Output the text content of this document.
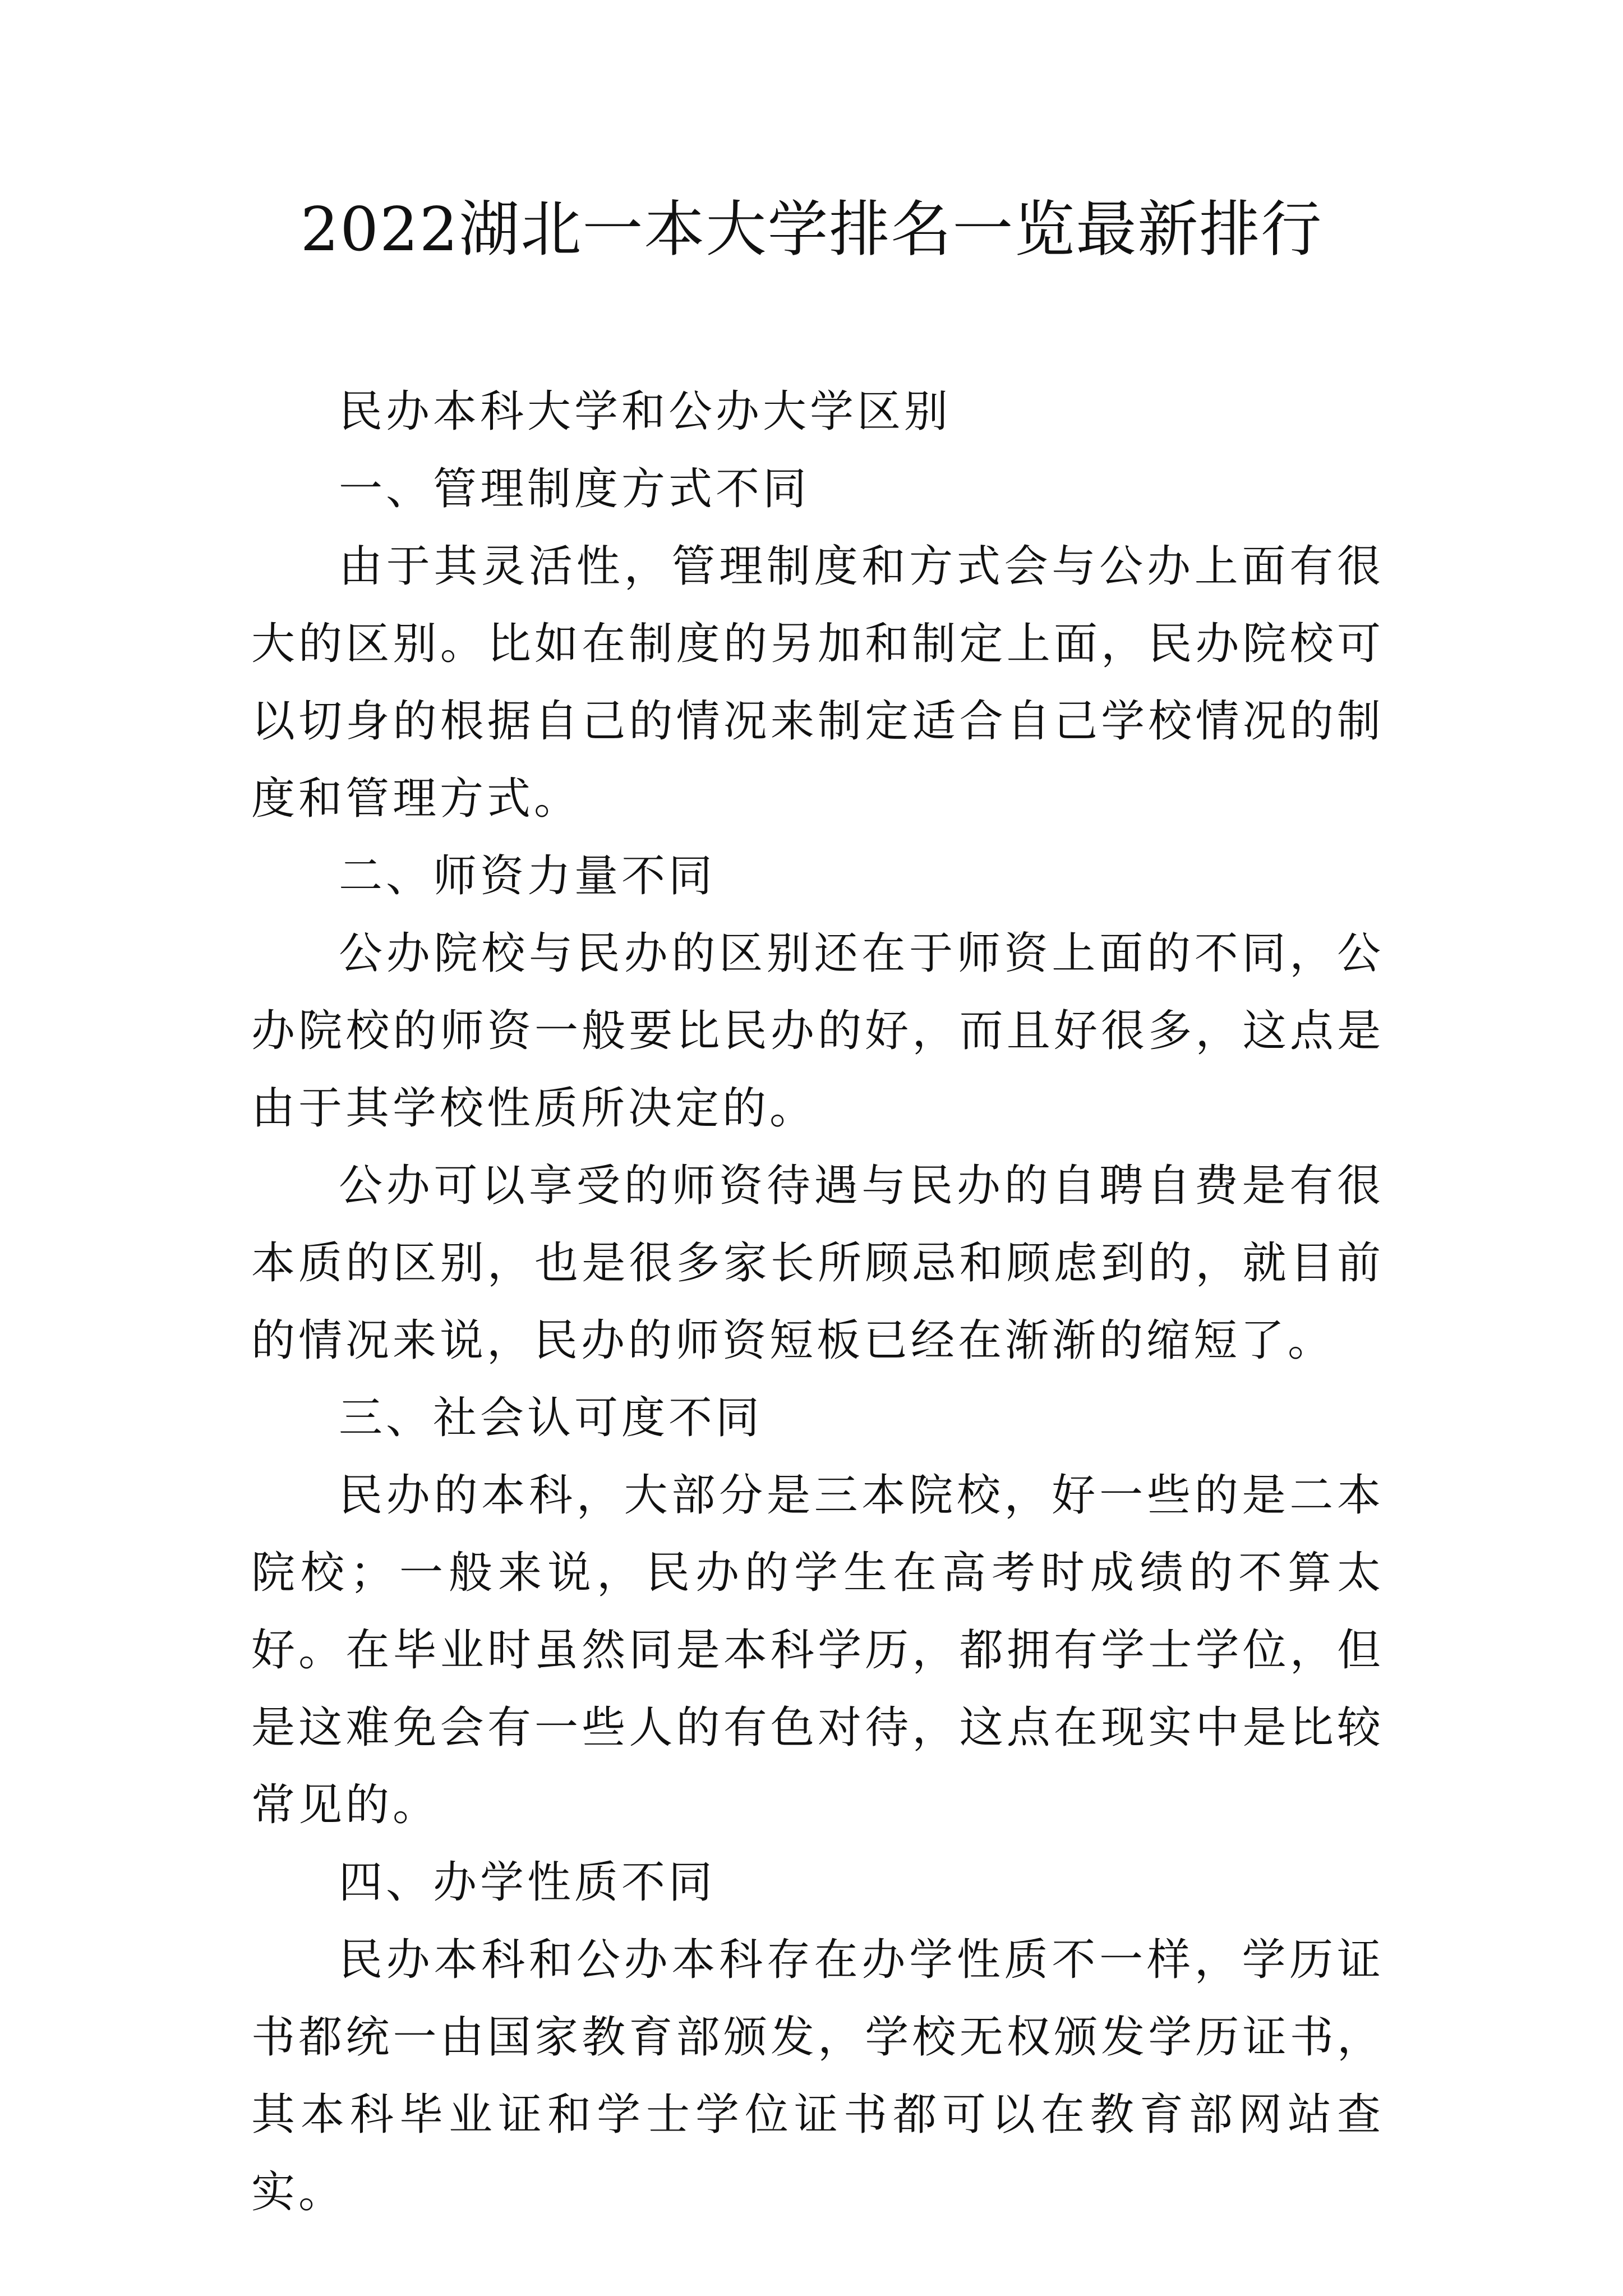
2022湖北一本大学排名一览最新排行

民办本科大学和公办大学区别

一、管理制度方式不同

由于其灵活性，管理制度和方式会与公办上面有很大的区别。比如在制度的另加和制定上面，民办院校可以切身的根据自己的情况来制定适合自己学校情况的制度和管理方式。

二、师资力量不同

公办院校与民办的区别还在于师资上面的不同，公办院校的师资一般要比民办的好，而且好很多，这点是由于其学校性质所决定的。

公办可以享受的师资待遇与民办的自聘自费是有很本质的区别，也是很多家长所顾忌和顾虑到的，就目前的情况来说，民办的师资短板已经在渐渐的缩短了。

三、社会认可度不同

民办的本科，大部分是三本院校，好一些的是二本院校；一般来说，民办的学生在高考时成绩的不算太好。在毕业时虽然同是本科学历，都拥有学士学位，但是这难免会有一些人的有色对待，这点在现实中是比较常见的。

四、办学性质不同

民办本科和公办本科存在办学性质不一样，学历证书都统一由国家教育部颁发，学校无权颁发学历证书，其本科毕业证和学士学位证书都可以在教育部网站查实。
